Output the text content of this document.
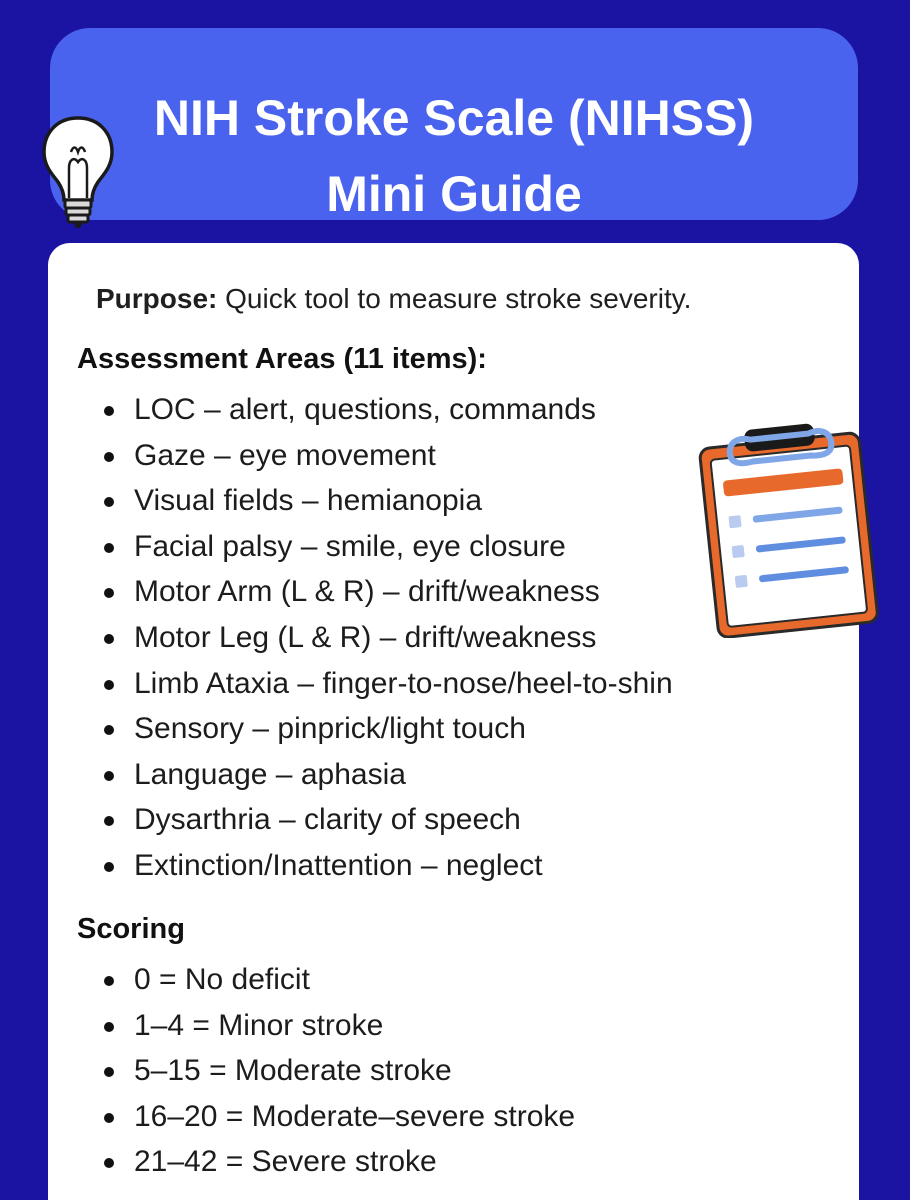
NIH Stroke Scale (NIHSS)
Mini Guide
Purpose: Quick tool to measure stroke severity.
Assessment Areas (11 items):
LOC – alert, questions, commands
Gaze – eye movement
Visual fields – hemianopia
Facial palsy – smile, eye closure
Motor Arm (L & R) – drift/weakness
Motor Leg (L & R) – drift/weakness
Limb Ataxia – finger-to-nose/heel-to-shin
Sensory – pinprick/light touch
Language – aphasia
Dysarthria – clarity of speech
Extinction/Inattention – neglect
Scoring
0 = No deficit
1–4 = Minor stroke
5–15 = Moderate stroke
16–20 = Moderate–severe stroke
21–42 = Severe stroke
